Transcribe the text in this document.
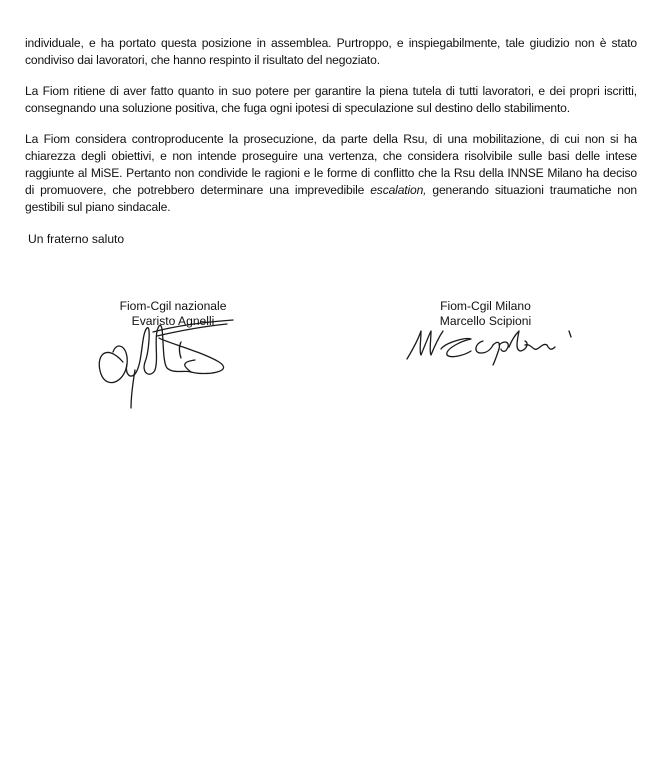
individuale, e ha portato questa posizione in assemblea. Purtroppo, e inspiegabilmente, tale giudizio non è stato condiviso dai lavoratori, che hanno respinto il risultato del negoziato.

La Fiom ritiene di aver fatto quanto in suo potere per garantire la piena tutela di tutti lavoratori, e dei propri iscritti, consegnando una soluzione positiva, che fuga ogni ipotesi di speculazione sul destino dello stabilimento.

La Fiom considera controproducente la prosecuzione, da parte della Rsu, di una mobilitazione, di cui non si ha chiarezza degli obiettivi, e non intende proseguire una vertenza, che considera risolvibile sulle basi delle intese raggiunte al MiSE. Pertanto non condivide le ragioni e le forme di conflitto che la Rsu della INNSE Milano ha deciso di promuovere, che potrebbero determinare una imprevedibile escalation, generando situazioni traumatiche non gestibili sul piano sindacale.

Un fraterno saluto

Fiom-Cgil nazionale
Evaristo Agnelli
Fiom-Cgil Milano
Marcello Scipioni
